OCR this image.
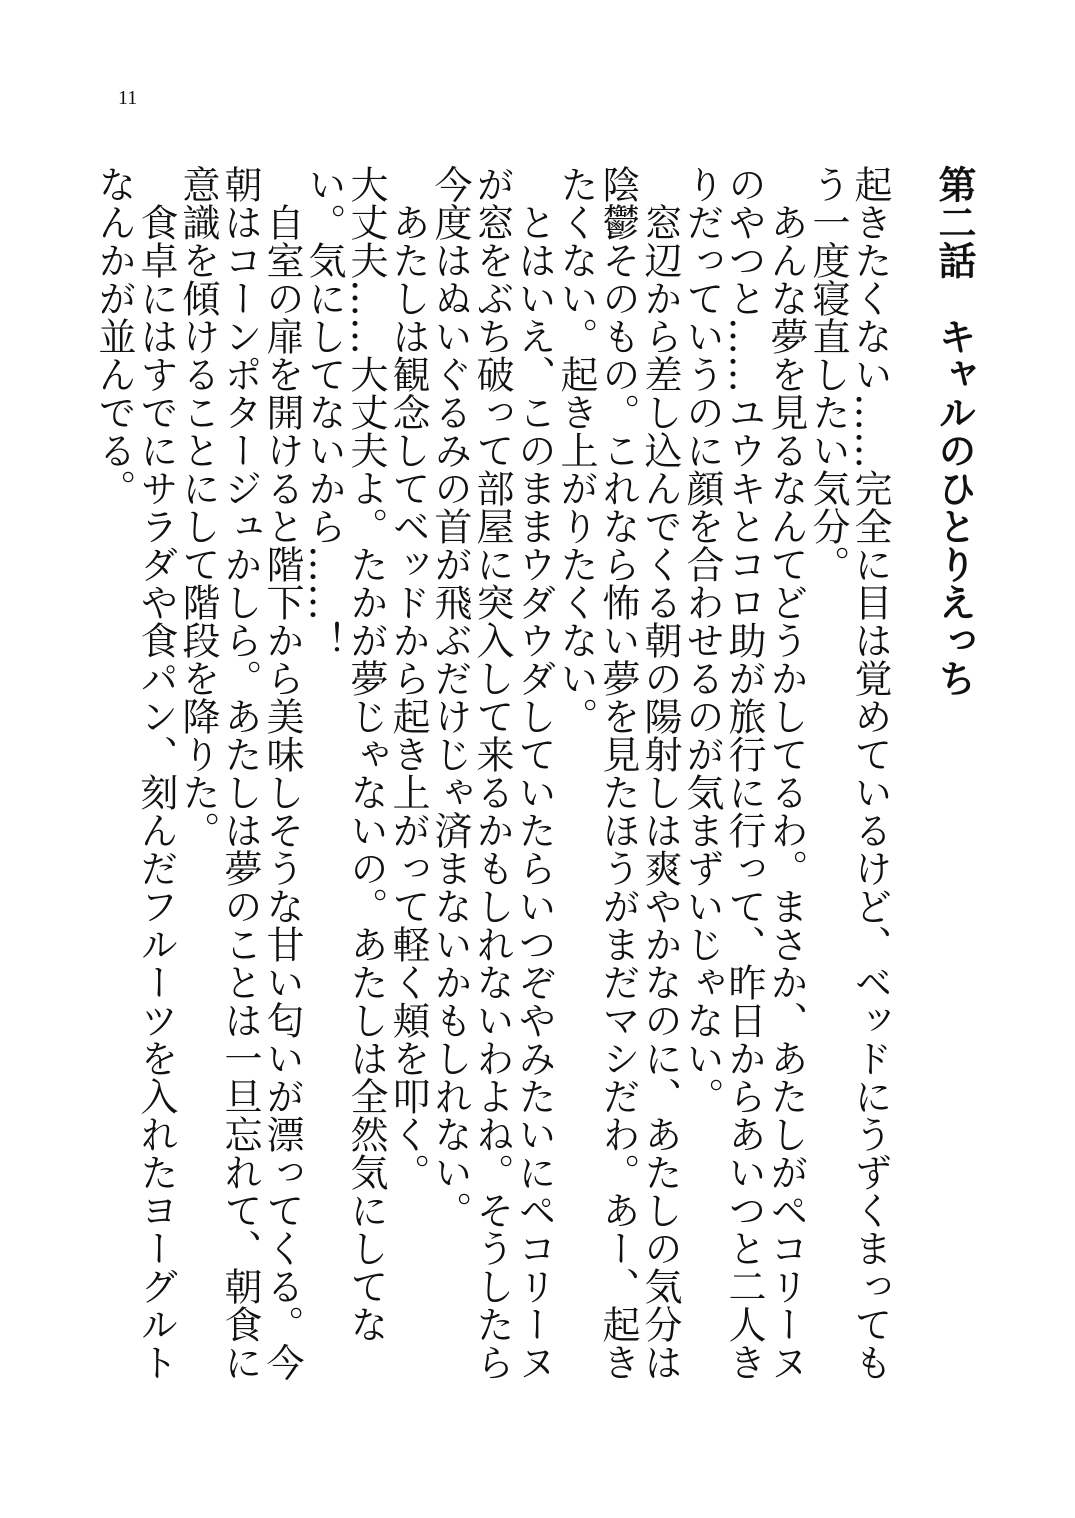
11
第二話　キャルのひとりえっち

起きたくない……完全に目は覚めているけど、ベッドにうずくまってもう一度寝直したい気分。

あんな夢を見るなんてどうかしてるわ。まさか、あたしがペコリーヌのやつと……ユウキとコロ助が旅行に行って、昨日からあいつと二人きりだっていうのに顔を合わせるのが気まずいじゃない。

窓辺から差し込んでくる朝の陽射しは爽やかなのに、あたしの気分は陰鬱そのもの。これなら怖い夢を見たほうがまだマシだわ。あー、起きたくない。起き上がりたくない。

とはいえ、このままウダウダしていたらいつぞやみたいにペコリーヌが窓をぶち破って部屋に突入して来るかもしれないわよね。そうしたら今度はぬいぐるみの首が飛ぶだけじゃ済まないかもしれない。

あたしは観念してベッドから起き上がって軽く頬を叩く。

大丈夫……大丈夫よ。たかが夢じゃないの。あたしは全然気にしてない。気にしてないから……！

自室の扉を開けると階下から美味しそうな甘い匂いが漂ってくる。今朝はコーンポタージュかしら。あたしは夢のことは一旦忘れて、朝食に意識を傾けることにして階段を降りた。

食卓にはすでにサラダや食パン、刻んだフルーツを入れたヨーグルトなんかが並んでる。
